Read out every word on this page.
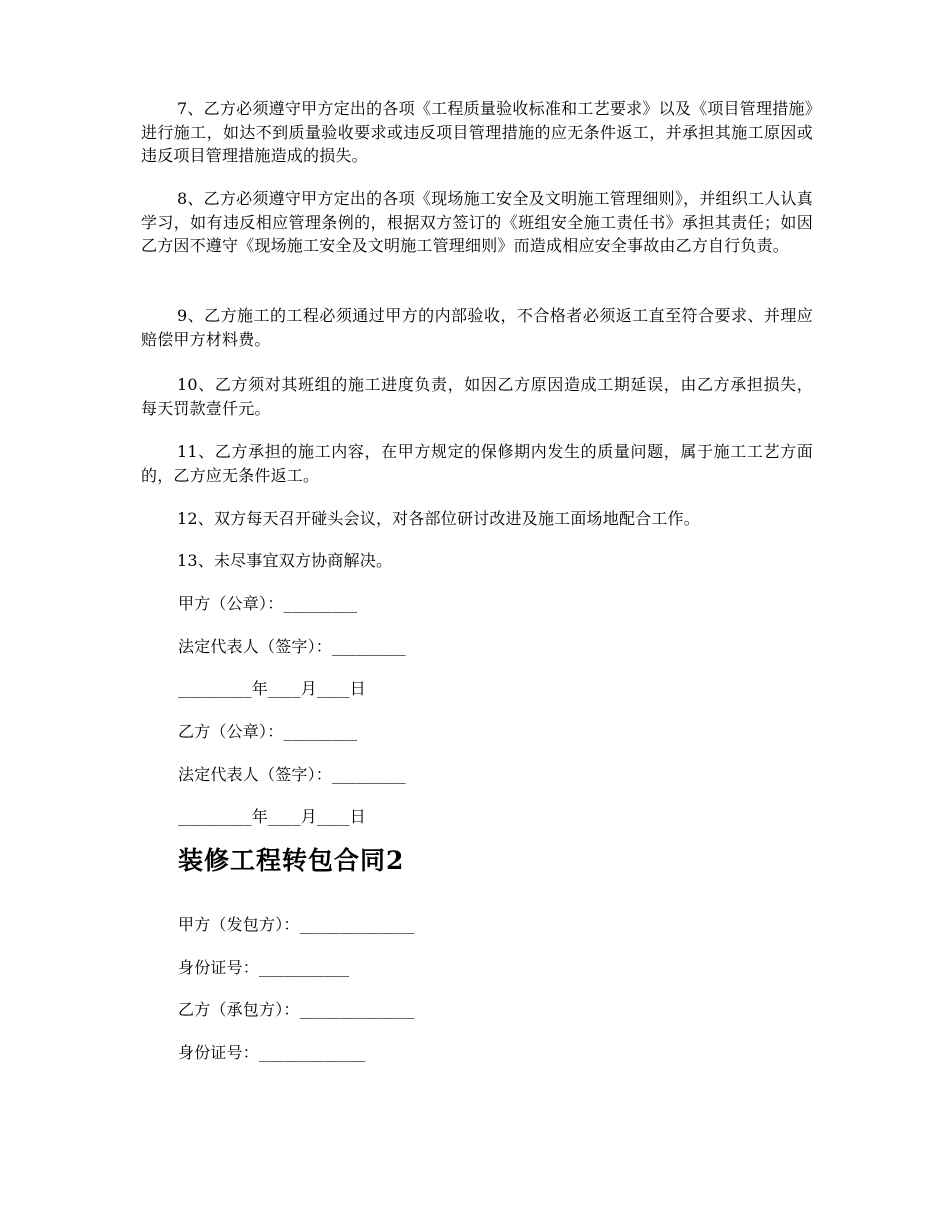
7、乙方必须遵守甲方定出的各项《工程质量验收标准和工艺要求》以及《项目管理措施》进行施工，如达不到质量验收要求或违反项目管理措施的应无条件返工，并承担其施工原因或违反项目管理措施造成的损失。

8、乙方必须遵守甲方定出的各项《现场施工安全及文明施工管理细则》，并组织工人认真学习，如有违反相应管理条例的，根据双方签订的《班组安全施工责任书》承担其责任；如因乙方因不遵守《现场施工安全及文明施工管理细则》而造成相应安全事故由乙方自行负责。

9、乙方施工的工程必须通过甲方的内部验收，不合格者必须返工直至符合要求、并理应赔偿甲方材料费。

10、乙方须对其班组的施工进度负责，如因乙方原因造成工期延误，由乙方承担损失，每天罚款壹仟元。

11、乙方承担的施工内容，在甲方规定的保修期内发生的质量问题，属于施工工艺方面的，乙方应无条件返工。

12、双方每天召开碰头会议，对各部位研讨改进及施工面场地配合工作。

13、未尽事宜双方协商解决。

甲方（公章）：_________

法定代表人（签字）：_________

_________年____月____日

乙方（公章）：_________

法定代表人（签字）：_________

_________年____月____日

装修工程转包合同2

甲方（发包方）：______________

身份证号：___________

乙方（承包方）：______________

身份证号：_____________
